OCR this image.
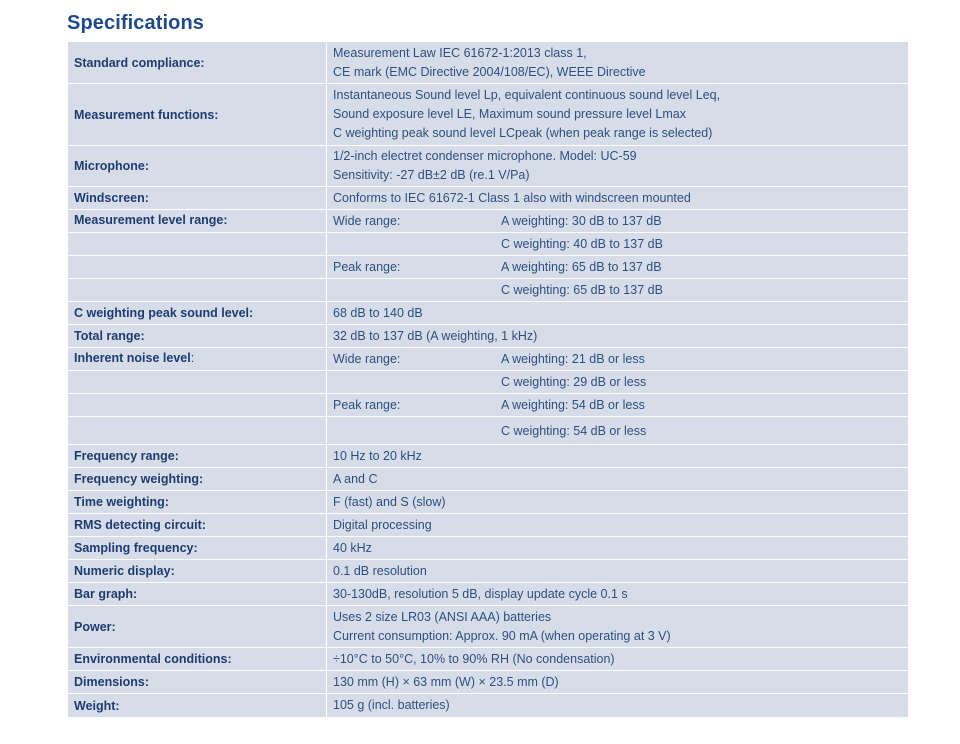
Specifications
Standard compliance:
Measurement Law IEC 61672-1:2013 class 1,
CE mark (EMC Directive 2004/108/EC), WEEE Directive
Measurement functions:
Instantaneous Sound level Lp, equivalent continuous sound level Leq,
Sound exposure level LE, Maximum sound pressure level Lmax
C weighting peak sound level LCpeak (when peak range is selected)
Microphone:
1/2-inch electret condenser microphone. Model: UC-59
Sensitivity: -27 dB±2 dB (re.1 V/Pa)
Windscreen:	Conforms to IEC 61672-1 Class 1 also with windscreen mounted
Measurement level range:	Wide range:	A weighting: 30 dB to 137 dB
C weighting: 40 dB to 137 dB
Peak range:	A weighting: 65 dB to 137 dB
C weighting: 65 dB to 137 dB
C weighting peak sound level:	68 dB to 140 dB
Total range:	32 dB to 137 dB (A weighting, 1 kHz)
Inherent noise level :	Wide range:	A weighting: 21 dB or less
C weighting: 29 dB or less
Peak range:	A weighting: 54 dB or less
C weighting: 54 dB or less
Frequency range:	10 Hz to 20 kHz
Frequency weighting:	A and C
Time weighting:	F (fast) and S (slow)
RMS detecting circuit:	Digital processing
Sampling frequency:	40 kHz
Numeric display:	0.1 dB resolution
Bar graph:	30-130dB, resolution 5 dB, display update cycle 0.1 s
Power:
Uses 2 size LR03 (ANSI AAA) batteries
Current consumption: Approx. 90 mA (when operating at 3 V)
Environmental conditions:	÷10°C to 50°C, 10% to 90% RH (No condensation)
Dimensions:	130 mm (H) × 63 mm (W) × 23.5 mm (D)
Weight:	105 g (incl. batteries)
